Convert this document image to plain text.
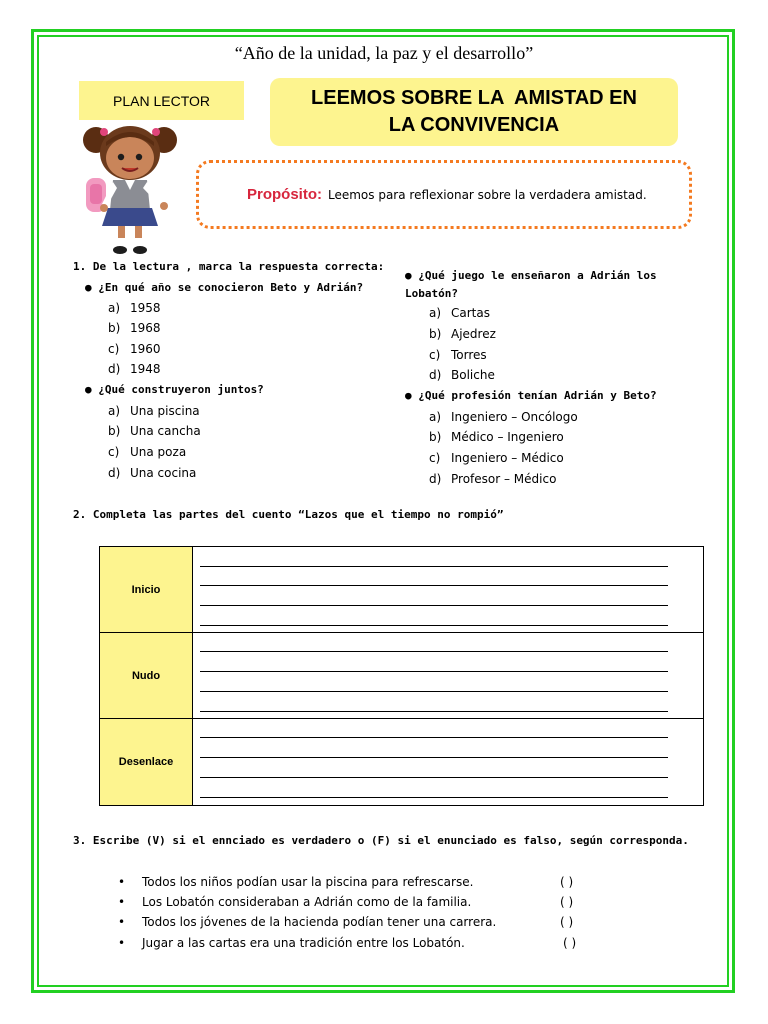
“Año de la unidad, la paz y el desarrollo”
PLAN LECTOR	LEEMOS SOBRE LA  AMISTAD EN
LA CONVIVENCIA
Propósito: Leemos para reflexionar sobre la verdadera amistad.
1. De la lectura , marca la respuesta correcta:
● ¿En qué año se conocieron Beto y Adrián?
a) 1958
b) 1968
c) 1960
d) 1948
● ¿Qué construyeron juntos?
a) Una piscina
b) Una cancha
c) Una poza
d) Una cocina
● ¿Qué juego le enseñaron a Adrián los
Lobatón?
a) Cartas
b) Ajedrez
c) Torres
d) Boliche
● ¿Qué profesión tenían Adrián y Beto?
a) Ingeniero – Oncólogo
b) Médico – Ingeniero
c) Ingeniero – Médico
d) Profesor – Médico
2. Completa las partes del cuento “Lazos que el tiempo no rompió”
Inicio
Nudo
Desenlace
3. Escribe (V) si el ennciado es verdadero o (F) si el enunciado es falso, según corresponda.
• Todos los niños podían usar la piscina para refrescarse.	( )
• Los Lobatón consideraban a Adrián como de la familia.	( )
• Todos los jóvenes de la hacienda podían tener una carrera.	( )
• Jugar a las cartas era una tradición entre los Lobatón.	( )
